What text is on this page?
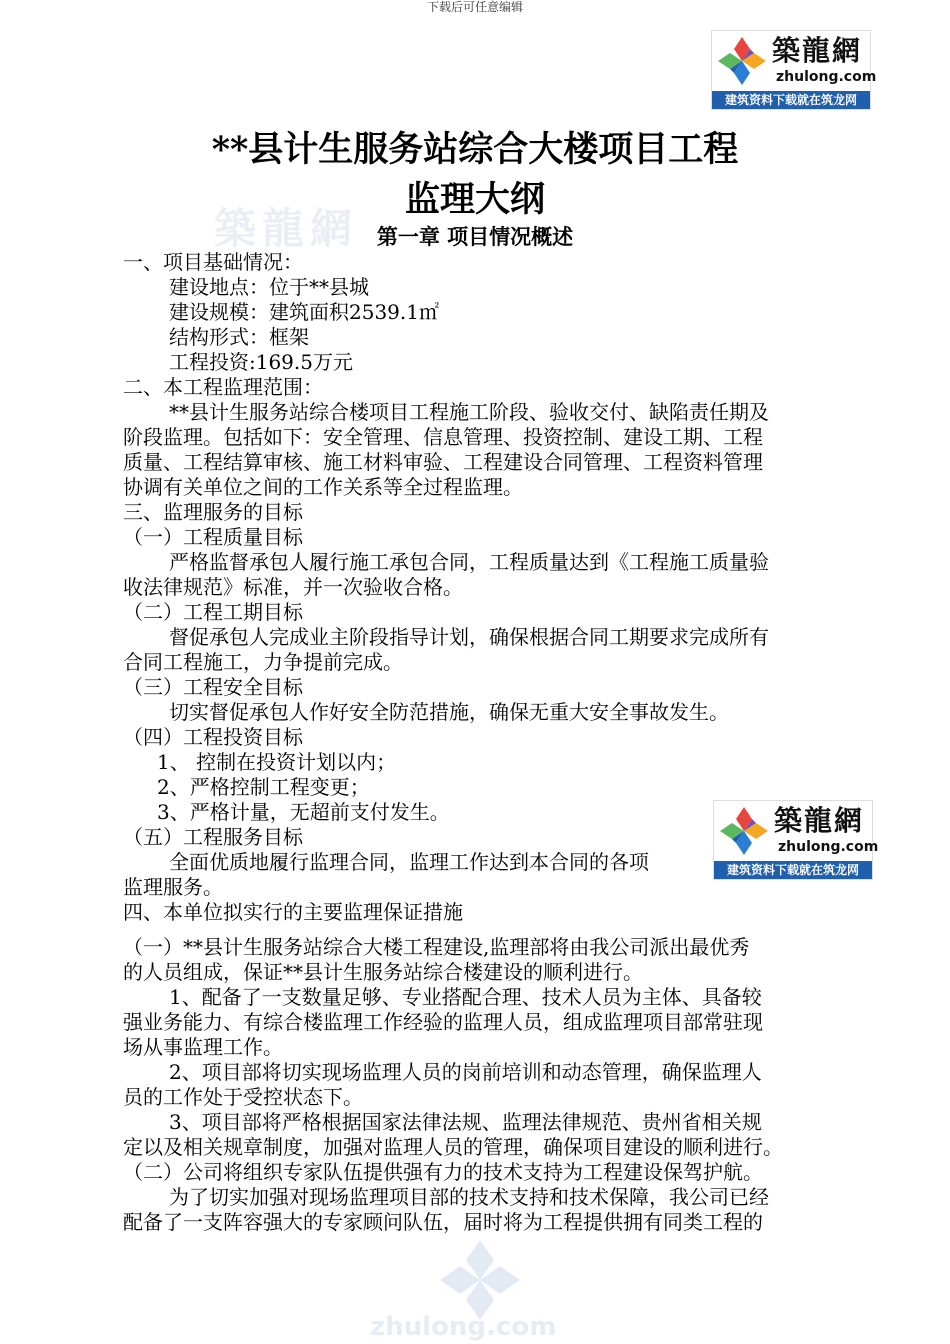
下载后可任意编辑
築龍網
築龍網
zhulong.com
建筑资料下载就在筑龙网
築龍網
zhulong.com
建筑资料下载就在筑龙网
zhulong.com
**县计生服务站综合大楼项目工程
监理大纲
第一章 项目情况概述
一、项目基础情况：
建设地点：位于**县城
建设规模：建筑面积2539.1㎡
结构形式：框架
工程投资:169.5万元
二、本工程监理范围：
**县计生服务站综合楼项目工程施工阶段、验收交付、缺陷责任期及
阶段监理。包括如下：安全管理、信息管理、投资控制、建设工期、工程
质量、工程结算审核、施工材料审验、工程建设合同管理、工程资料管理
协调有关单位之间的工作关系等全过程监理。
三、监理服务的目标
（一）工程质量目标
严格监督承包人履行施工承包合同，工程质量达到《工程施工质量验
收法律规范》标准，并一次验收合格。
（二）工程工期目标
督促承包人完成业主阶段指导计划，确保根据合同工期要求完成所有
合同工程施工，力争提前完成。
（三）工程安全目标
切实督促承包人作好安全防范措施，确保无重大安全事故发生。
（四）工程投资目标
1、 控制在投资计划以内；
2、严格控制工程变更；
3、严格计量，无超前支付发生。
（五）工程服务目标
全面优质地履行监理合同，监理工作达到本合同的各项
监理服务。
四、本单位拟实行的主要监理保证措施
（一）**县计生服务站综合大楼工程建设,监理部将由我公司派出最优秀
的人员组成，保证**县计生服务站综合楼建设的顺利进行。
1、配备了一支数量足够、专业搭配合理、技术人员为主体、具备较
强业务能力、有综合楼监理工作经验的监理人员，组成监理项目部常驻现
场从事监理工作。
2、项目部将切实现场监理人员的岗前培训和动态管理，确保监理人
员的工作处于受控状态下。
3、项目部将严格根据国家法律法规、监理法律规范、贵州省相关规
定以及相关规章制度，加强对监理人员的管理，确保项目建设的顺利进行。
（二）公司将组织专家队伍提供强有力的技术支持为工程建设保驾护航。
为了切实加强对现场监理项目部的技术支持和技术保障，我公司已经
配备了一支阵容强大的专家顾问队伍，届时将为工程提供拥有同类工程的
